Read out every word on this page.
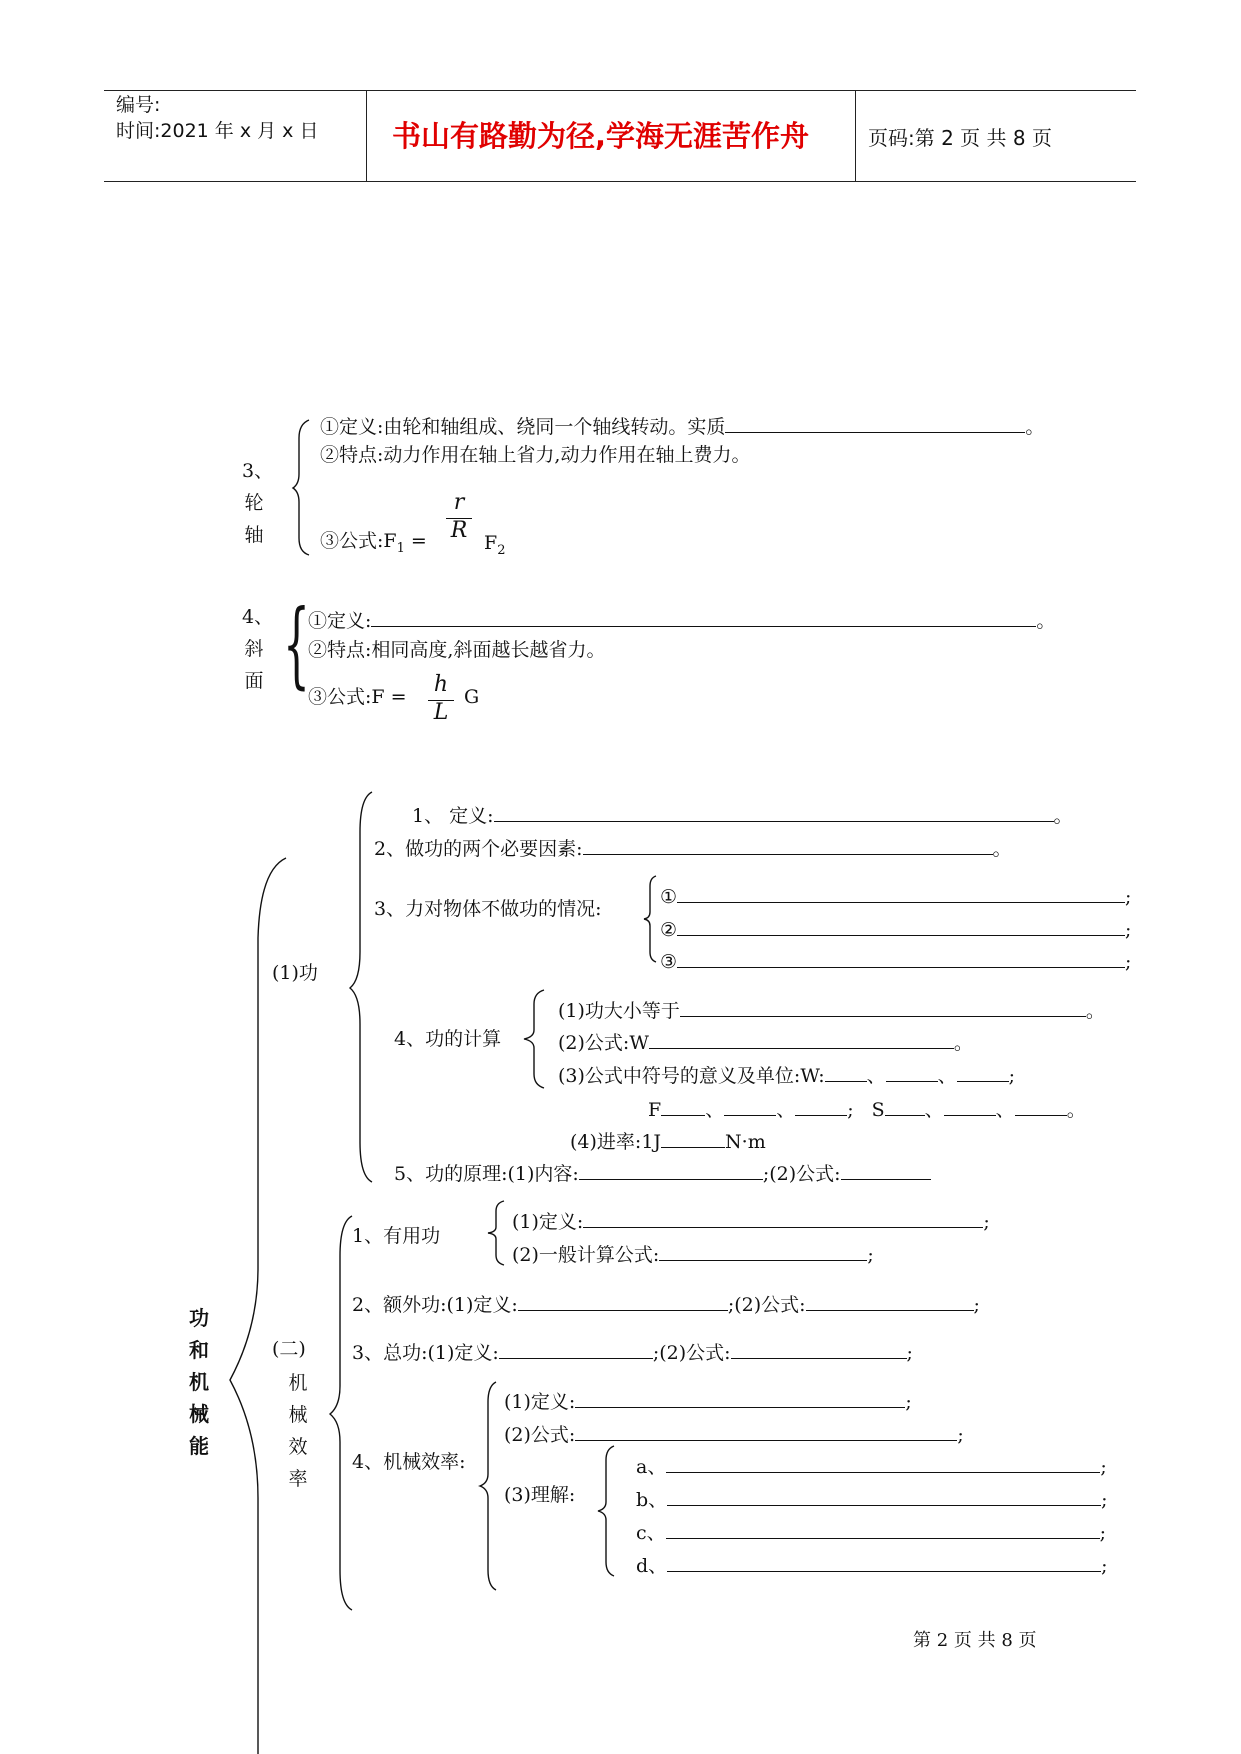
编号:
时间:2021 年 x 月 x 日	书山有路勤为径,学海无涯苦作舟	页码:第 2 页 共 8 页
3、
轮轴
①定义:由轮和轴组成、绕同一个轴线转动。实质	。
②特点:动力作用在轴上省力,动力作用在轴上费力。
③公式$:F_1$ =
r
R $F_2$
4、
斜面 {
①定义:	。
②特点:相同高度,斜面越长越省力。
③公式:F = h
L
G
功和机械能
(1)功
1、 定义:	。
2、做功的两个必要因素:	。
3、力对物体不做功的情况:
①	;
②	;
③	;
4、功的计算
(1)功大小等于	。
(2)公式:W	。
(3)公式中符号的意义及单位:W: 、	、	;
F 、	、	; S 、	、	。
(4)进率:1J	N·m
5、功的原理:(1)内容:	;(2)公式:
(二)
机械效率
1、有用功
(1)定义:	;
(2)一般计算公式:	;
2、额外功:(1)定义:	;(2)公式:	;
3、总功:(1)定义:	;(2)公式:	;
4、机械效率:
(1)定义:	;
(2)公式:	;
(3)理解:
a、	;
b、	;
c、	;
d、	;
第 2 页 共 8 页
